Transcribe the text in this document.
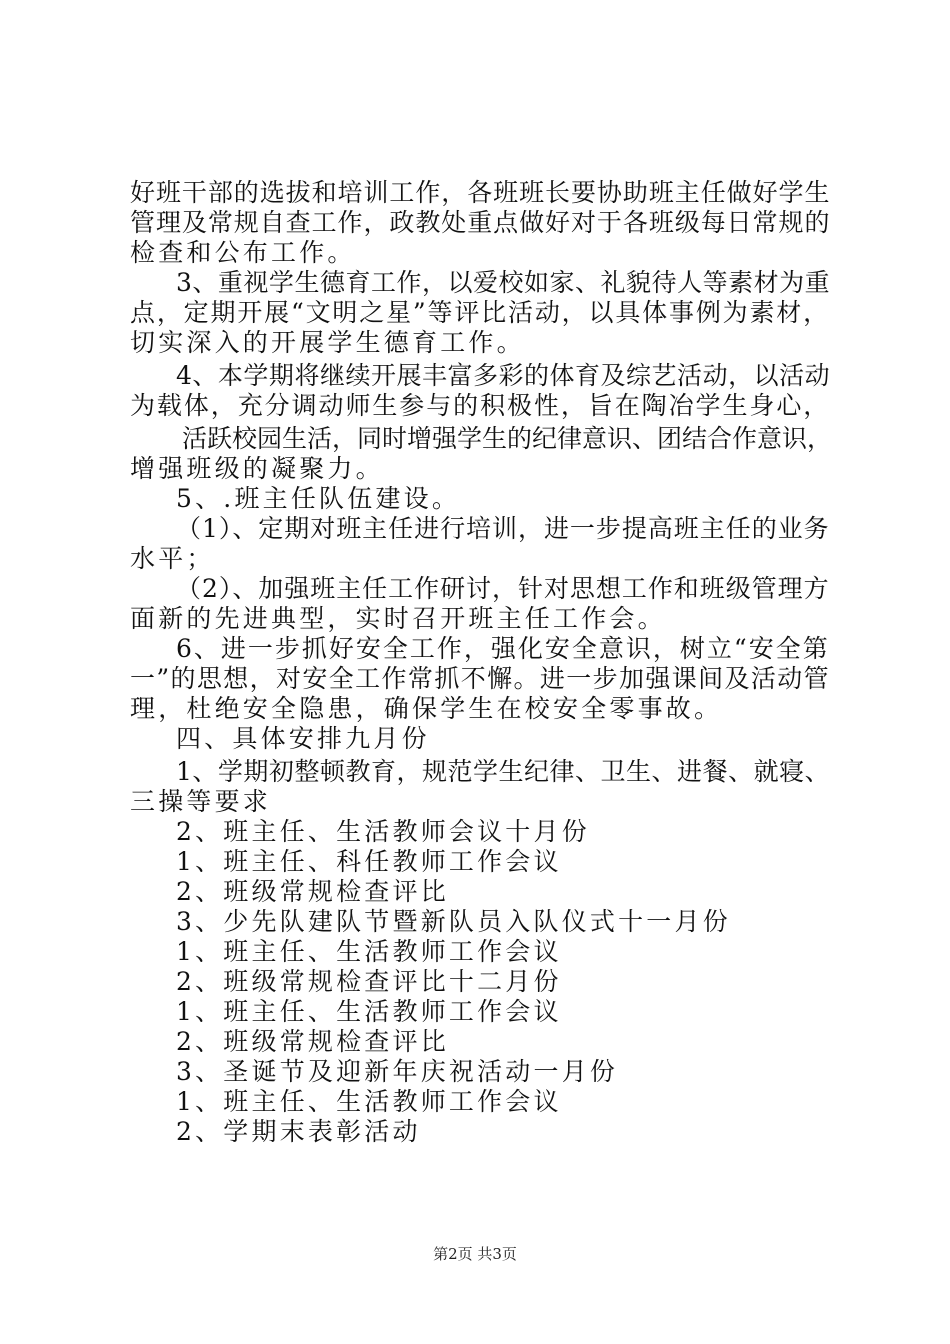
好班干部的选拔和培训工作，各班班长要协助班主任做好学生
管理及常规自查工作，政教处重点做好对于各班级每日常规的
检查和公布工作。
3、重视学生德育工作，以爱校如家、礼貌待人等素材为重
点，定期开展“文明之星”等评比活动，以具体事例为素材，
切实深入的开展学生德育工作。
4、本学期将继续开展丰富多彩的体育及综艺活动，以活动
为载体，充分调动师生参与的积极性，旨在陶冶学生身心，
活跃校园生活，同时增强学生的纪律意识、团结合作意识，
增强班级的凝聚力。
5、.班主任队伍建设。
（1）、定期对班主任进行培训，进一步提高班主任的业务
水平；
（2）、加强班主任工作研讨，针对思想工作和班级管理方
面新的先进典型，实时召开班主任工作会。
6、进一步抓好安全工作，强化安全意识，树立“安全第
一”的思想，对安全工作常抓不懈。进一步加强课间及活动管
理，杜绝安全隐患，确保学生在校安全零事故。
四、具体安排九月份
1、学期初整顿教育，规范学生纪律、卫生、进餐、就寝、
三操等要求
2、班主任、生活教师会议十月份
1、班主任、科任教师工作会议
2、班级常规检查评比
3、少先队建队节暨新队员入队仪式十一月份
1、班主任、生活教师工作会议
2、班级常规检查评比十二月份
1、班主任、生活教师工作会议
2、班级常规检查评比
3、圣诞节及迎新年庆祝活动一月份
1、班主任、生活教师工作会议
2、学期末表彰活动
第2页 共3页
